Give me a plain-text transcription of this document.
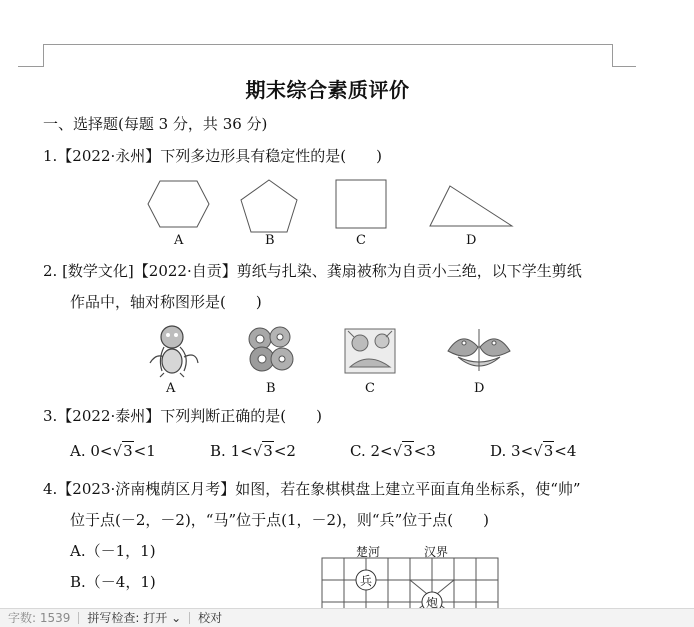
期末综合素质评价
一、选择题(每题 3 分，共 36 分)
1.【2022·永州】下列多边形具有稳定性的是(　　)
A	B	C	D
2. [数学文化]【2022·自贡】剪纸与扎染、龚扇被称为自贡小三绝，以下学生剪纸
作品中，轴对称图形是(　　)
A	B	C	D
3.【2022·泰州】下列判断正确的是(　　)
A. 0<√3<1	B. 1<√3<2	C. 2<√3<3	D. 3<√3<4
4.【2023·济南槐荫区月考】如图，若在象棋棋盘上建立平面直角坐标系，使“帅”
位于点(－2，－2)，“马”位于点(1，－2)，则“兵”位于点(　　)
A.（－1，1)
B.（－4，1)
楚河	汉界
兵
炮
字数: 1539	拼写检查: 打开 ⌄	校对
